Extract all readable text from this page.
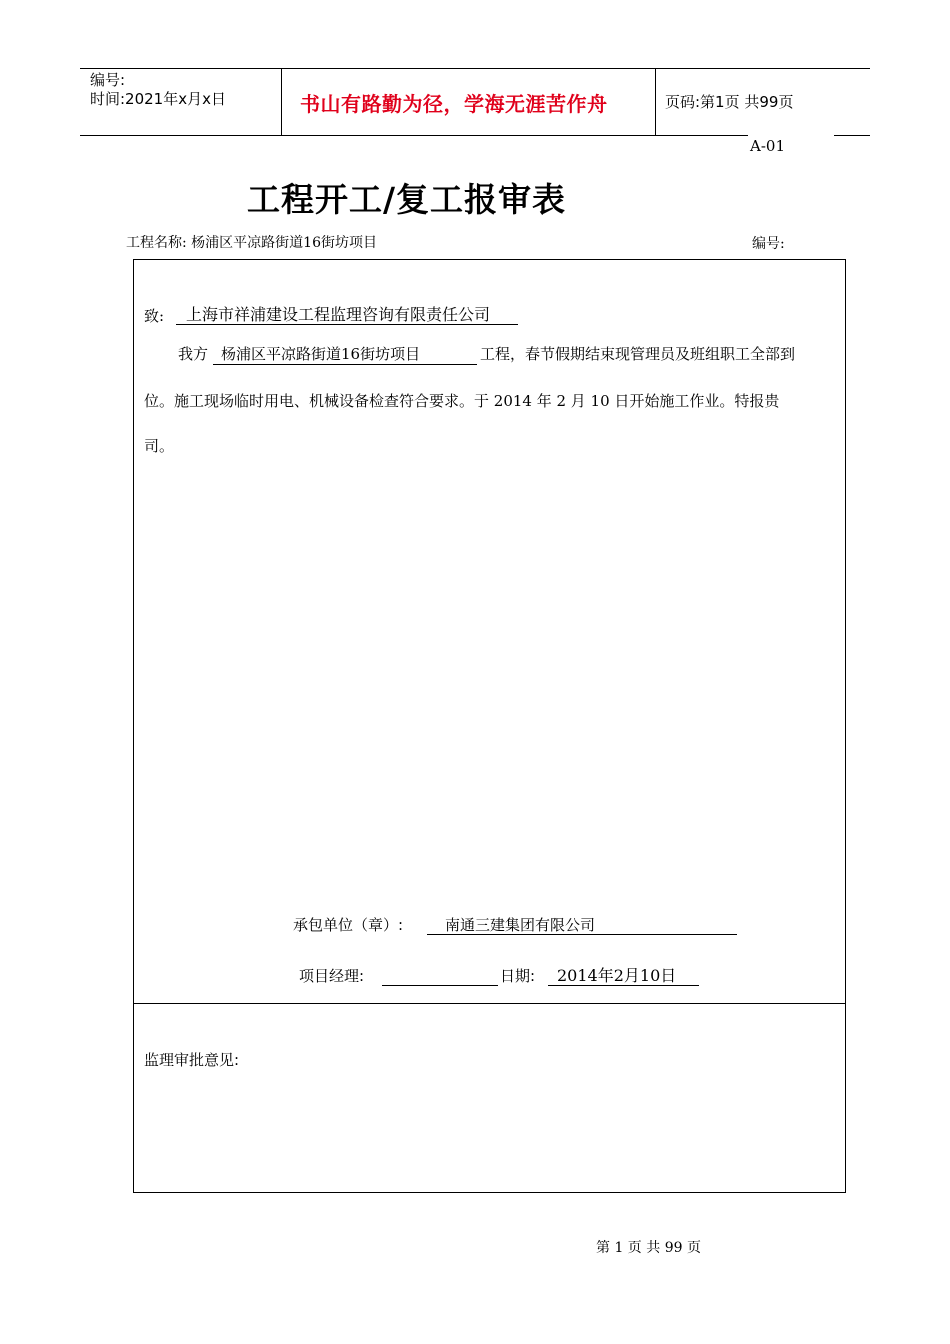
编号:
时间:2021年x月x日	书山有路勤为径，学海无涯苦作舟	页码:第1页 共99页
A-01
工程开工/复工报审表
工程名称: 杨浦区平凉路街道16街坊项目	编号:
致: 上海市祥浦建设工程监理咨询有限责任公司
我方 杨浦区平凉路街道16街坊项目	工程，春节假期结束现管理员及班组职工全部到
位。施工现场临时用电、机械设备检查符合要求。于 2014 年 2 月 10 日开始施工作业。特报贵
司。
承包单位（章）:	南通三建集团有限公司
项目经理:	日期: 2014年2月10日
监理审批意见:
第 1 页 共 99 页
